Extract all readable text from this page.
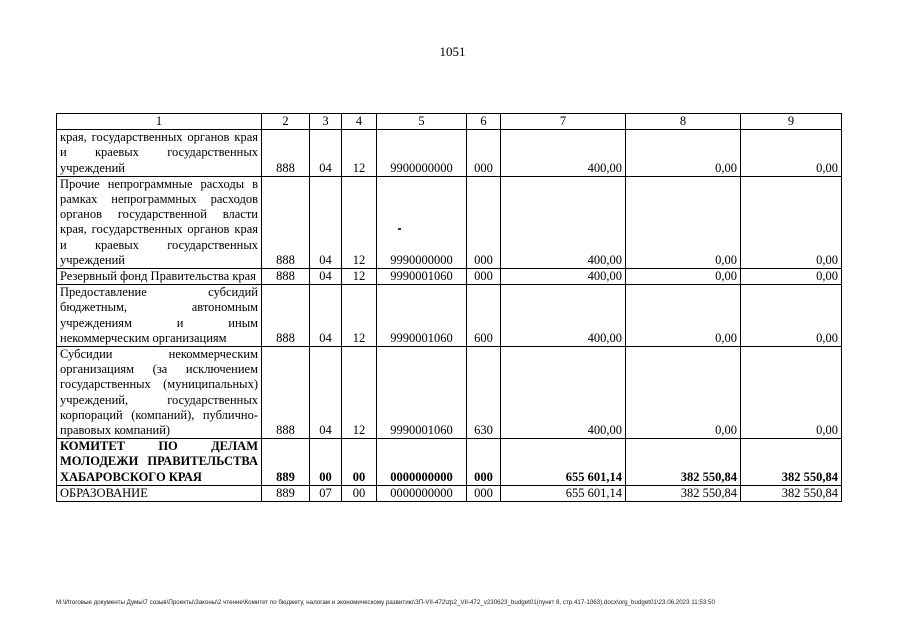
1051
1	2	3	4	5	6	7	8	9
края, государственных органов края и краевых государственных учреждений	888	04	12	9900000000	000	400,00	0,00	0,00
Прочие непрограммные расходы в рамках непрограммных расходов органов государственной власти края, государственных органов края и краевых государственных учреждений	888	04	12	9990000000	000	400,00	0,00	0,00
Резервный фонд Правительства края	888	04	12	9990001060	000	400,00	0,00	0,00
Предоставление субсидий бюджетным, автономным учреждениям и иным некоммерческим организациям	888	04	12	9990001060	600	400,00	0,00	0,00
Субсидии некоммерческим организациям (за исключением государственных (муниципальных) учреждений, государственных корпораций (компаний), публично-правовых компаний)	888	04	12	9990001060	630	400,00	0,00	0,00
КОМИТЕТ ПО ДЕЛАМ МОЛОДЕЖИ ПРАВИТЕЛЬСТВА ХАБАРОВСКОГО КРАЯ	889	00	00	0000000000	000	655 601,14	382 550,84	382 550,84
ОБРАЗОВАНИЕ	889	07	00	0000000000	000	655 601,14	382 550,84	382 550,84
M:\Итоговые документы Думы\7 созыв\Проекты\Законы\2 чтение\Комитет по бюджету, налогам и экономическому развитию\ЗП-VII-472\zp2_VII-472_v230623_budget01(пункт 8, стр.417-1063).docx\org_budget01\23.06.2023 11:53:50
